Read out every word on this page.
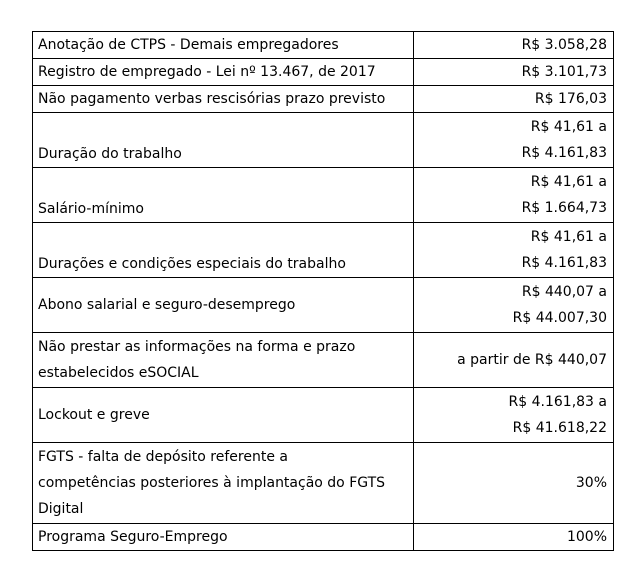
Anotação de CTPS - Demais empregadores	R$ 3.058,28

Registro de empregado - Lei nº 13.467, de 2017	R$ 3.101,73

Não pagamento verbas rescisórias prazo previsto	R$ 176,03

Duração do trabalho	R$ 41,61 a
R$ 4.161,83

Salário-mínimo	R$ 41,61 a
R$ 1.664,73

Durações e condições especiais do trabalho	R$ 41,61 a
R$ 4.161,83

Abono salarial e seguro-desemprego	R$ 440,07 a
R$ 44.007,30

Não prestar as informações na forma e prazo
estabelecidos eSOCIAL	a partir de R$ 440,07

Lockout e greve	R$ 4.161,83 a
R$ 41.618,22

FGTS - falta de depósito referente a
competências posteriores à implantação do FGTS
Digital	30%

Programa Seguro-Emprego	100%
